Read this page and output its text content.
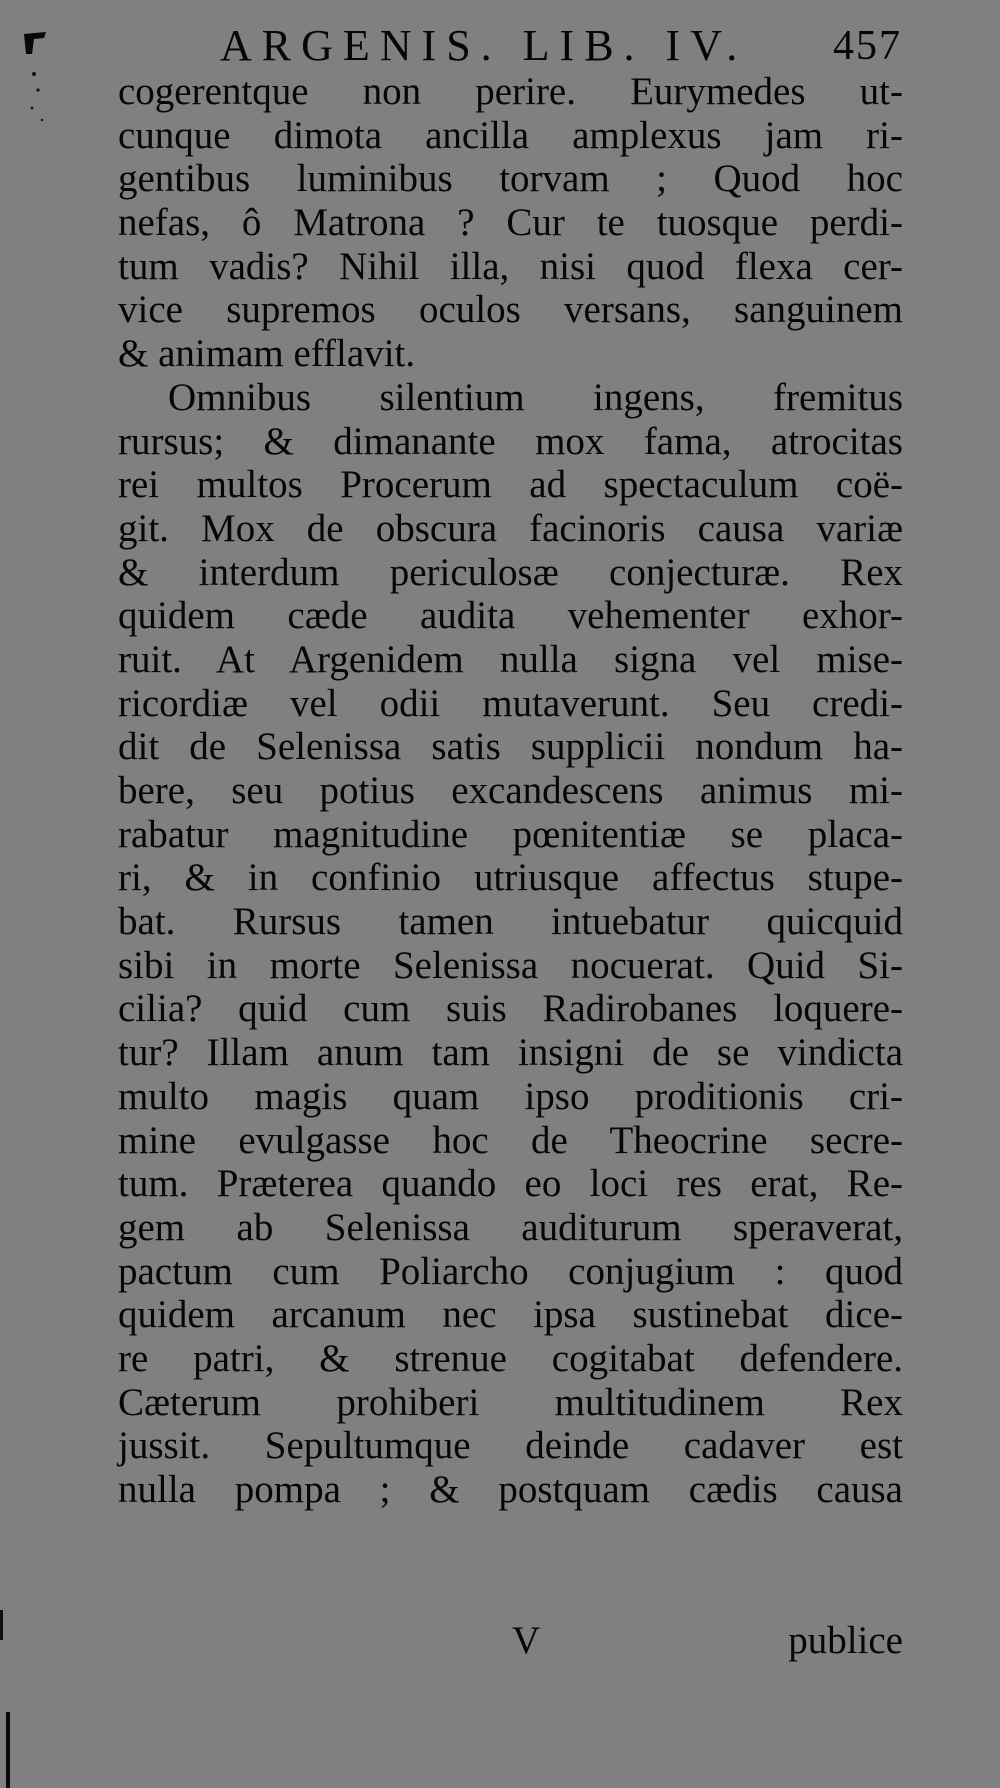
ARGENIS. LIB. IV. 457
cogerentque non perire. Eurymedes ut-
cunque dimota ancilla amplexus jam ri-
gentibus luminibus torvam ; Quod hoc
nefas, ô Matrona ? Cur te tuosque perdi-
tum vadis? Nihil illa, nisi quod flexa cer-
vice supremos oculos versans, sanguinem
& animam efflavit.
Omnibus silentium ingens, fremitus
rursus; & dimanante mox fama, atrocitas
rei multos Procerum ad spectaculum coë-
git. Mox de obscura facinoris causa variæ
& interdum periculosæ conjecturæ. Rex
quidem cæde audita vehementer exhor-
ruit. At Argenidem nulla signa vel mise-
ricordiæ vel odii mutaverunt. Seu credi-
dit de Selenissa satis supplicii nondum ha-
bere, seu potius excandescens animus mi-
rabatur magnitudine pœnitentiæ se placa-
ri, & in confinio utriusque affectus stupe-
bat. Rursus tamen intuebatur quicquid
sibi in morte Selenissa nocuerat. Quid Si-
cilia? quid cum suis Radirobanes loquere-
tur? Illam anum tam insigni de se vindicta
multo magis quam ipso proditionis cri-
mine evulgasse hoc de Theocrine secre-
tum. Præterea quando eo loci res erat, Re-
gem ab Selenissa auditurum speraverat,
pactum cum Poliarcho conjugium : quod
quidem arcanum nec ipsa sustinebat dice-
re patri, & strenue cogitabat defendere.
Cæterum prohiberi multitudinem Rex
jussit. Sepultumque deinde cadaver est
nulla pompa ; & postquam cædis causa
V	publice
